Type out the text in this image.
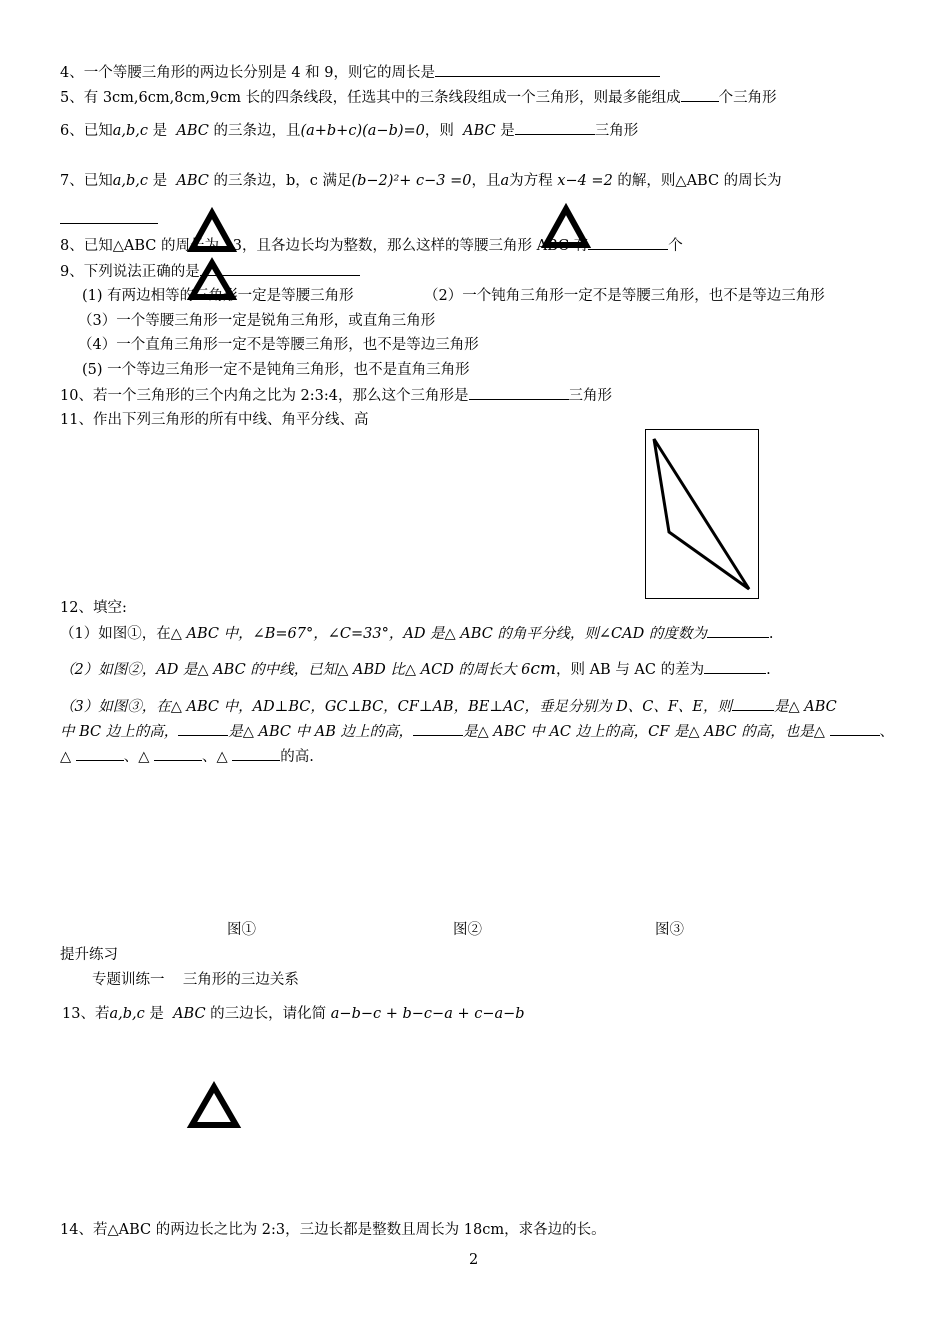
4、一个等腰三角形的两边长分别是 4 和 9，则它的周长是
5、有 3cm,6cm,8cm,9cm 长的四条线段，任选其中的三条线段组成一个三角形，则最多能组成	个三角形
6、已知a,b,c 是 ABC 的三条边，且(a+b+c)(a−b)=0，则 ABC 是	三角形
7、已知a,b,c 是 ABC 的三条边，b，c 满足(b−2)²+ c−3 =0，且a为方程 x−4 =2 的解，则△ABC 的周长为
8、已知△ABC 的周长为 13，且各边长均为整数，那么这样的等腰三角形 ABC 有	个
9、下列说法正确的是
(1) 有两边相等的三角形一定是等腰三角形	（2）一个钝角三角形一定不是等腰三角形，也不是等边三角形
（3）一个等腰三角形一定是锐角三角形，或直角三角形
（4）一个直角三角形一定不是等腰三角形，也不是等边三角形
(5) 一个等边三角形一定不是钝角三角形，也不是直角三角形
10、若一个三角形的三个内角之比为 2:3:4，那么这个三角形是	三角形
11、作出下列三角形的所有中线、角平分线、高
12、填空:
（1）如图①，在△ ABC 中，∠B=67°，∠C=33°，AD 是△ ABC 的角平分线，则∠CAD 的度数为	.
（2）如图②，AD 是△ ABC 的中线，已知△ ABD 比△ ACD 的周长大 6cm，则 AB 与 AC 的差为	.
（3）如图③，在△ ABC 中，AD⊥BC，GC⊥BC，CF⊥AB，BE⊥AC，垂足分别为 D、C、F、E，则	是△ ABC
中 BC 边上的高，	是△ ABC 中 AB 边上的高，	是△ ABC 中 AC 边上的高，CF 是△ ABC 的高，也是△	、
△	、△	、△	的高.
图①	图②	图③
提升练习
专题训练一    三角形的三边关系
13、若a,b,c 是 ABC 的三边长，请化简 a−b−c + b−c−a + c−a−b
14、若△ABC 的两边长之比为 2:3，三边长都是整数且周长为 18cm，求各边的长。
2
